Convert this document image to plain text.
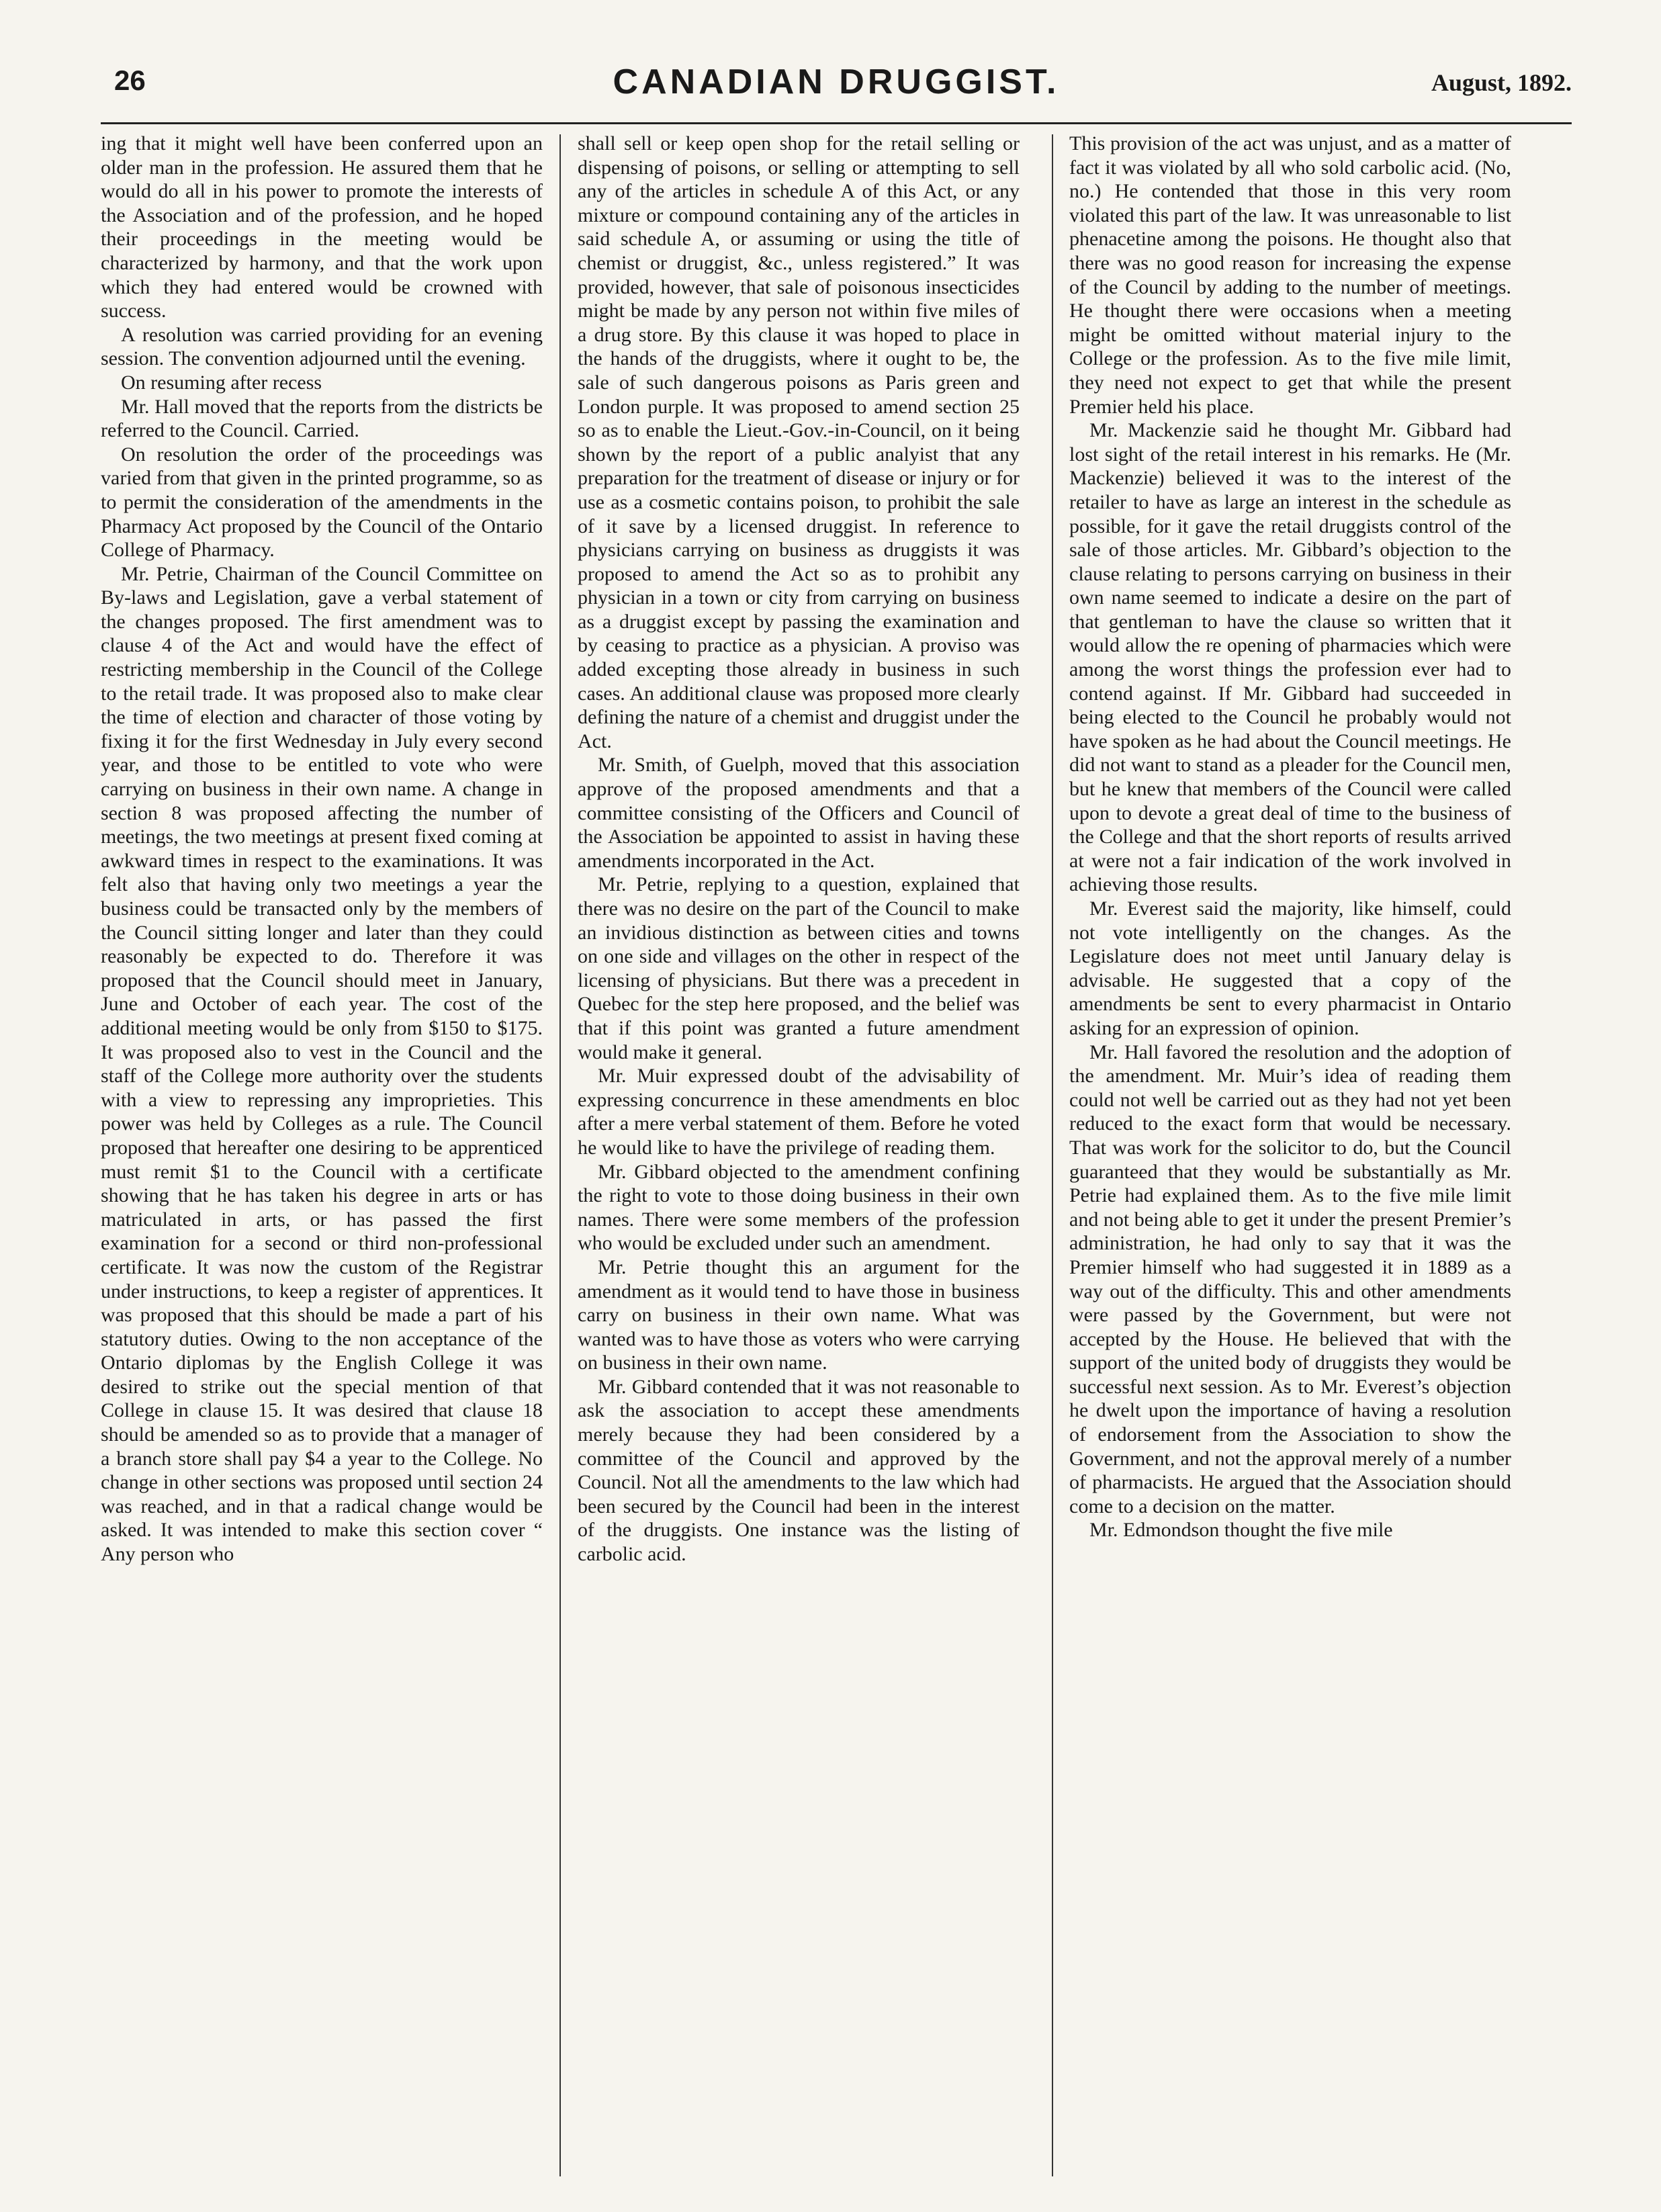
26	CANADIAN DRUGGIST.	August, 1892.

ing that it might well have been conferred upon an older man in the profession. He assured them that he would do all in his power to promote the interests of the Association and of the profession, and he hoped their proceedings in the meeting would be characterized by harmony, and that the work upon which they had entered would be crowned with success.

A resolution was carried providing for an evening session. The convention adjourned until the evening.

On resuming after recess

Mr. Hall moved that the reports from the districts be referred to the Council. Carried.

On resolution the order of the proceedings was varied from that given in the printed programme, so as to permit the consideration of the amendments in the Pharmacy Act proposed by the Council of the Ontario College of Pharmacy.

Mr. Petrie, Chairman of the Council Committee on By-laws and Legislation, gave a verbal statement of the changes proposed. The first amendment was to clause 4 of the Act and would have the effect of restricting membership in the Council of the College to the retail trade. It was proposed also to make clear the time of election and character of those voting by fixing it for the first Wednesday in July every second year, and those to be entitled to vote who were carrying on business in their own name. A change in section 8 was proposed affecting the number of meetings, the two meetings at present fixed coming at awkward times in respect to the examinations. It was felt also that having only two meetings a year the business could be transacted only by the members of the Council sitting longer and later than they could reasonably be expected to do. Therefore it was proposed that the Council should meet in January, June and October of each year. The cost of the additional meeting would be only from $150 to $175. It was proposed also to vest in the Council and the staff of the College more authority over the students with a view to repressing any improprieties. This power was held by Colleges as a rule. The Council proposed that hereafter one desiring to be apprenticed must remit $1 to the Council with a certificate showing that he has taken his degree in arts or has matriculated in arts, or has passed the first examination for a second or third non-professional certificate. It was now the custom of the Registrar under instructions, to keep a register of apprentices. It was proposed that this should be made a part of his statutory duties. Owing to the non acceptance of the Ontario diplomas by the English College it was desired to strike out the special mention of that College in clause 15. It was desired that clause 18 should be amended so as to provide that a manager of a branch store shall pay $4 a year to the College. No change in other sections was proposed until section 24 was reached, and in that a radical change would be asked. It was intended to make this section cover “ Any person who

shall sell or keep open shop for the retail selling or dispensing of poisons, or selling or attempting to sell any of the articles in schedule A of this Act, or any mixture or compound containing any of the articles in said schedule A, or assuming or using the title of chemist or druggist, &c., unless registered.” It was provided, however, that sale of poisonous insecticides might be made by any person not within five miles of a drug store. By this clause it was hoped to place in the hands of the druggists, where it ought to be, the sale of such dangerous poisons as Paris green and London purple. It was proposed to amend section 25 so as to enable the Lieut.-Gov.-in-Council, on it being shown by the report of a public analyist that any preparation for the treatment of disease or injury or for use as a cosmetic contains poison, to prohibit the sale of it save by a licensed druggist. In reference to physicians carrying on business as druggists it was proposed to amend the Act so as to prohibit any physician in a town or city from carrying on business as a druggist except by passing the examination and by ceasing to practice as a physician. A proviso was added excepting those already in business in such cases. An additional clause was proposed more clearly defining the nature of a chemist and druggist under the Act.

Mr. Smith, of Guelph, moved that this association approve of the proposed amendments and that a committee consisting of the Officers and Council of the Association be appointed to assist in having these amendments incorporated in the Act.

Mr. Petrie, replying to a question, explained that there was no desire on the part of the Council to make an invidious distinction as between cities and towns on one side and villages on the other in respect of the licensing of physicians. But there was a precedent in Quebec for the step here proposed, and the belief was that if this point was granted a future amendment would make it general.

Mr. Muir expressed doubt of the advisability of expressing concurrence in these amendments en bloc after a mere verbal statement of them. Before he voted he would like to have the privilege of reading them.

Mr. Gibbard objected to the amendment confining the right to vote to those doing business in their own names. There were some members of the profession who would be excluded under such an amendment.

Mr. Petrie thought this an argument for the amendment as it would tend to have those in business carry on business in their own name. What was wanted was to have those as voters who were carrying on business in their own name.

Mr. Gibbard contended that it was not reasonable to ask the association to accept these amendments merely because they had been considered by a committee of the Council and approved by the Council. Not all the amendments to the law which had been secured by the Council had been in the interest of the druggists. One instance was the listing of carbolic acid.

This provision of the act was unjust, and as a matter of fact it was violated by all who sold carbolic acid. (No, no.) He contended that those in this very room violated this part of the law. It was unreasonable to list phenacetine among the poisons. He thought also that there was no good reason for increasing the expense of the Council by adding to the number of meetings. He thought there were occasions when a meeting might be omitted without material injury to the College or the profession. As to the five mile limit, they need not expect to get that while the present Premier held his place.

Mr. Mackenzie said he thought Mr. Gibbard had lost sight of the retail interest in his remarks. He (Mr. Mackenzie) believed it was to the interest of the retailer to have as large an interest in the schedule as possible, for it gave the retail druggists control of the sale of those articles. Mr. Gibbard’s objection to the clause relating to persons carrying on business in their own name seemed to indicate a desire on the part of that gentleman to have the clause so written that it would allow the re opening of pharmacies which were among the worst things the profession ever had to contend against. If Mr. Gibbard had succeeded in being elected to the Council he probably would not have spoken as he had about the Council meetings. He did not want to stand as a pleader for the Council men, but he knew that members of the Council were called upon to devote a great deal of time to the business of the College and that the short reports of results arrived at were not a fair indication of the work involved in achieving those results.

Mr. Everest said the majority, like himself, could not vote intelligently on the changes. As the Legislature does not meet until January delay is advisable. He suggested that a copy of the amendments be sent to every pharmacist in Ontario asking for an expression of opinion.

Mr. Hall favored the resolution and the adoption of the amendment. Mr. Muir’s idea of reading them could not well be carried out as they had not yet been reduced to the exact form that would be necessary. That was work for the solicitor to do, but the Council guaranteed that they would be substantially as Mr. Petrie had explained them. As to the five mile limit and not being able to get it under the present Premier’s administration, he had only to say that it was the Premier himself who had suggested it in 1889 as a way out of the difficulty. This and other amendments were passed by the Government, but were not accepted by the House. He believed that with the support of the united body of druggists they would be successful next session. As to Mr. Everest’s objection he dwelt upon the importance of having a resolution of endorsement from the Association to show the Government, and not the approval merely of a number of pharmacists. He argued that the Association should come to a decision on the matter.

Mr. Edmondson thought the five mile
